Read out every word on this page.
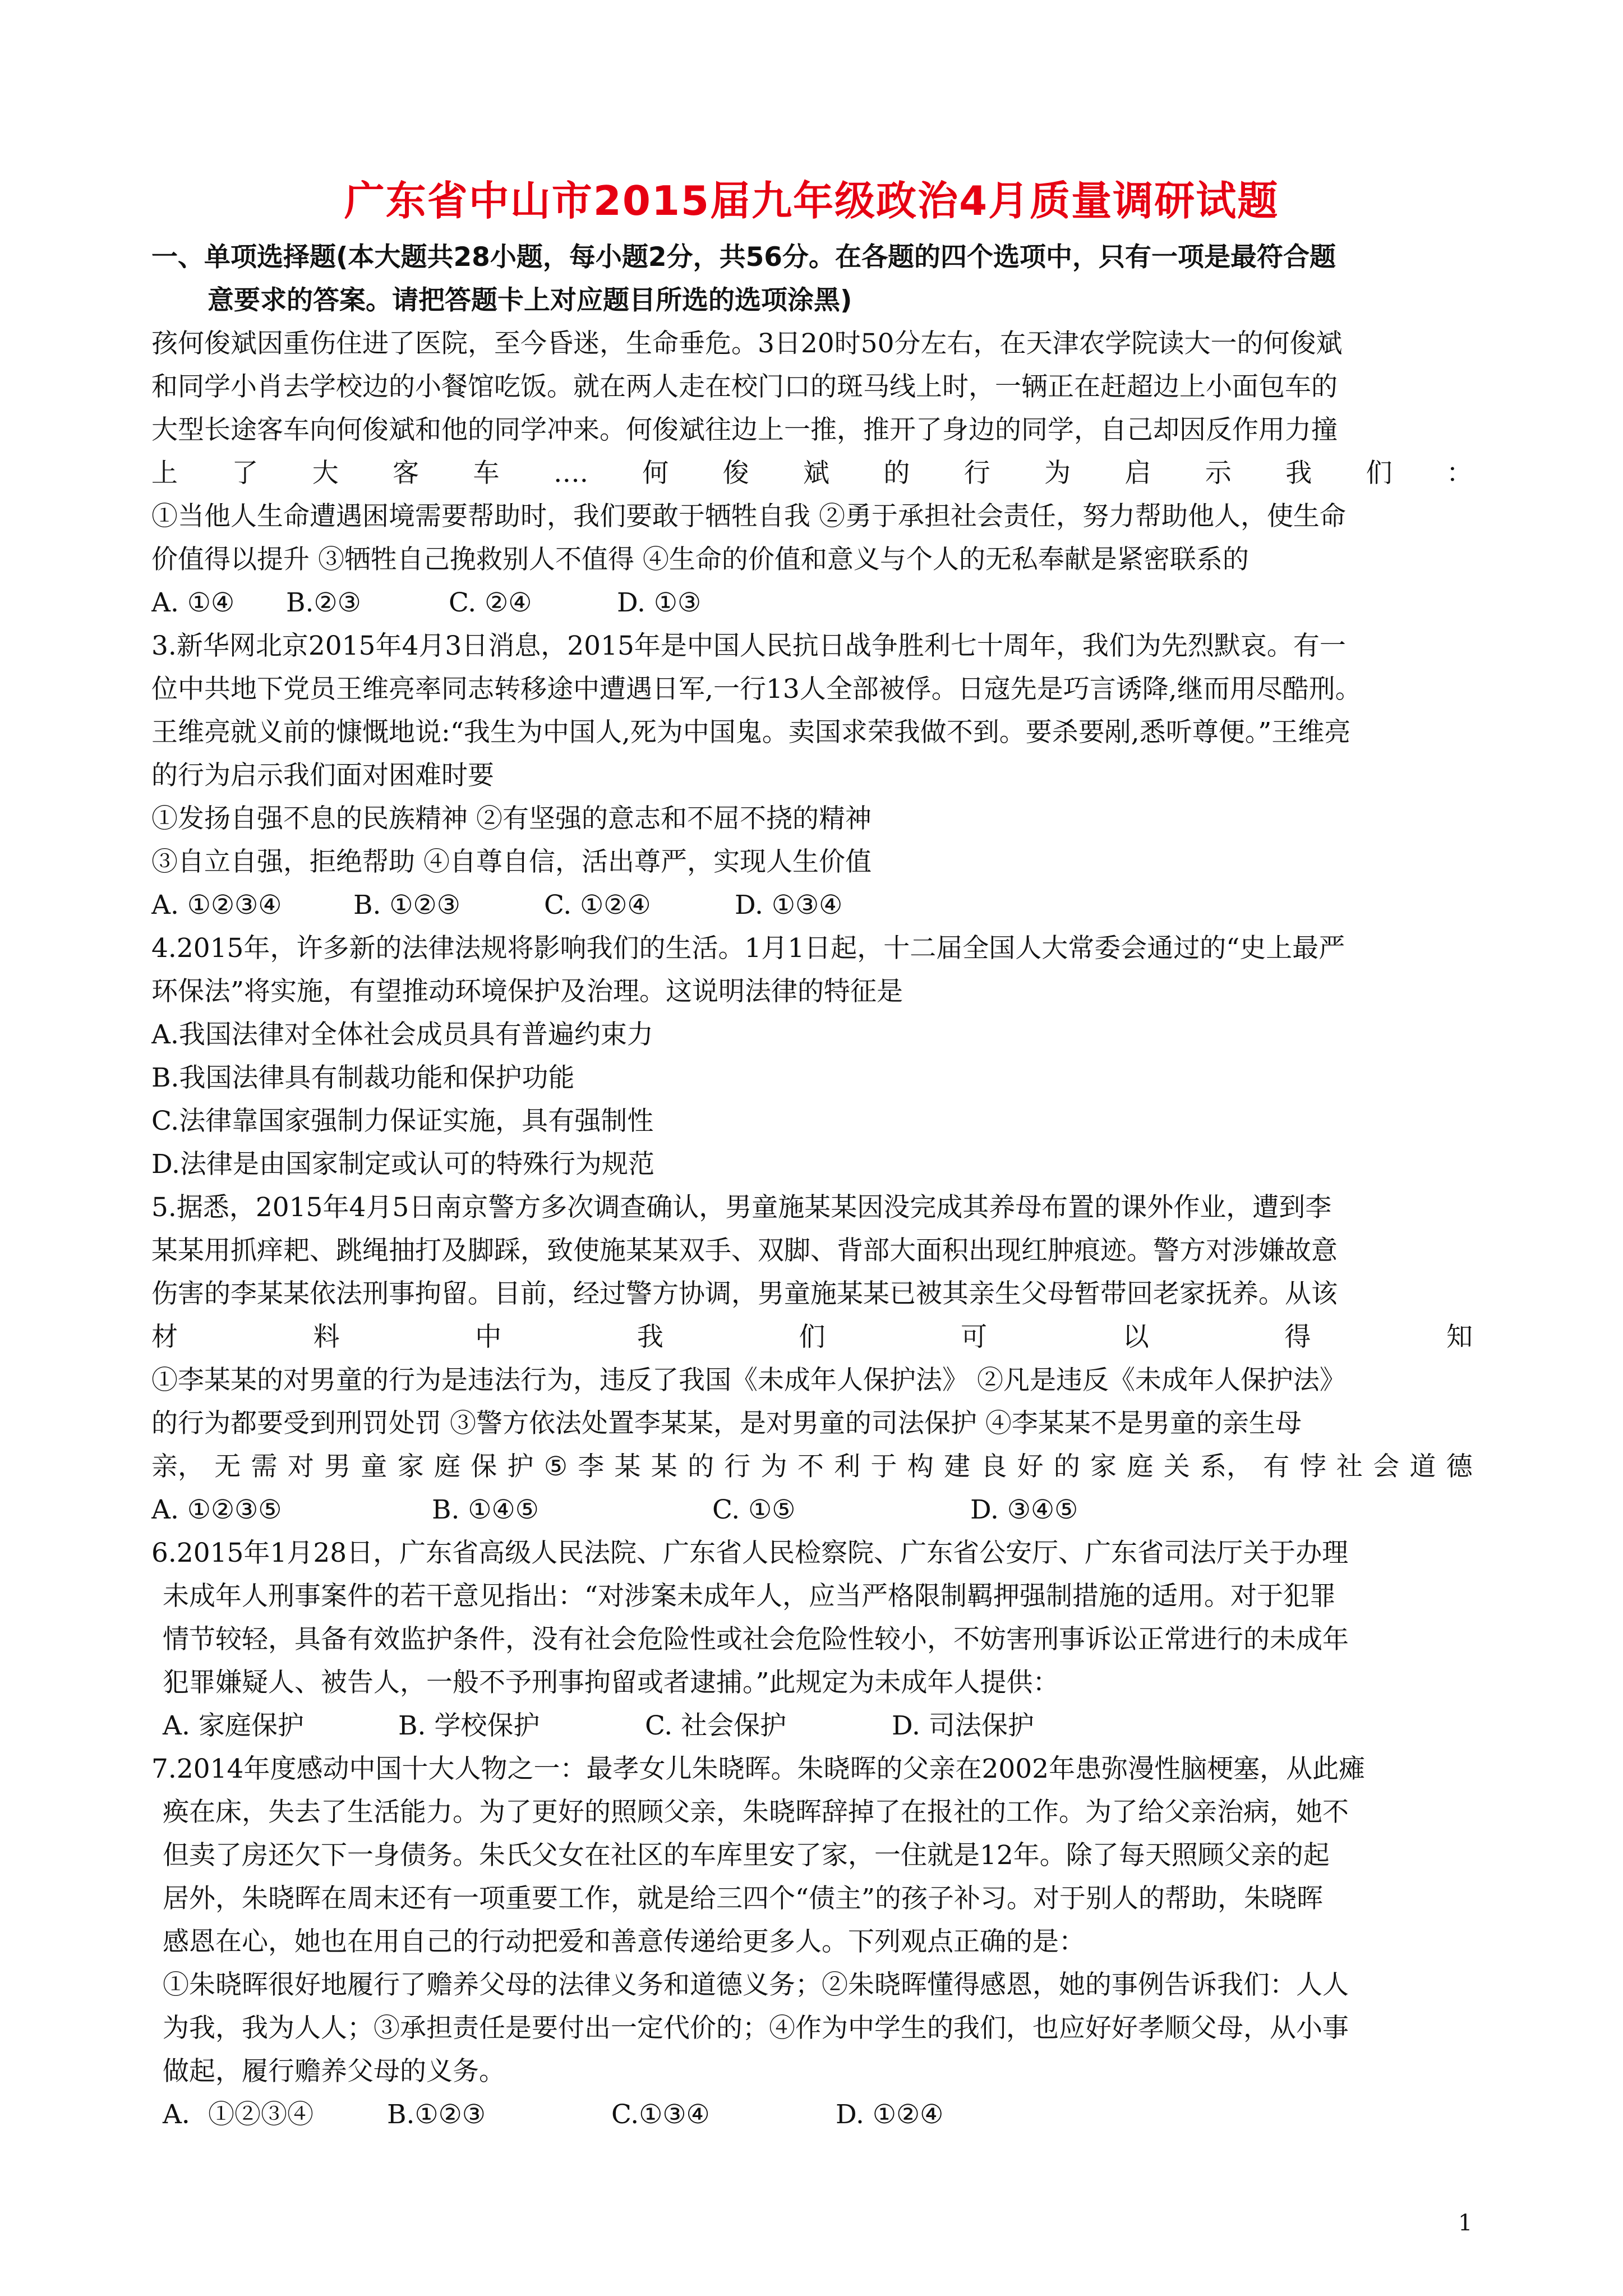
广东省中山市2015届九年级政治4月质量调研试题
一、单项选择题(本大题共28小题，每小题2分，共56分。在各题的四个选项中，只有一项是最符合题
意要求的答案。请把答题卡上对应题目所选的选项涂黑)
孩何俊斌因重伤住进了医院，至今昏迷，生命垂危。3日20时50分左右，在天津农学院读大一的何俊斌
和同学小肖去学校边的小餐馆吃饭。就在两人走在校门口的斑马线上时，一辆正在赶超边上小面包车的
大型长途客车向何俊斌和他的同学冲来。何俊斌往边上一推，推开了身边的同学，自己却因反作用力撞
上 了 大 客 车 …. 何 俊 斌 的 行 为 启 示 我 们 ：
①当他人生命遭遇困境需要帮助时，我们要敢于牺牲自我 ②勇于承担社会责任，努力帮助他人，使生命
价值得以提升 ③牺牲自己挽救别人不值得 ④生命的价值和意义与个人的无私奉献是紧密联系的
A. ①④	B.②③	C. ②④	D. ①③
3.新华网北京2015年4月3日消息，2015年是中国人民抗日战争胜利七十周年，我们为先烈默哀。有一
位中共地下党员王维亮率同志转移途中遭遇日军,一行13人全部被俘。日寇先是巧言诱降,继而用尽酷刑。
王维亮就义前的慷慨地说:“我生为中国人,死为中国鬼。卖国求荣我做不到。要杀要剐,悉听尊便。”王维亮
的行为启示我们面对困难时要
①发扬自强不息的民族精神 ②有坚强的意志和不屈不挠的精神
③自立自强，拒绝帮助 ④自尊自信，活出尊严，实现人生价值
A. ①②③④	B. ①②③	C. ①②④	D. ①③④
4.2015年，许多新的法律法规将影响我们的生活。1月1日起，十二届全国人大常委会通过的“史上最严
环保法”将实施，有望推动环境保护及治理。这说明法律的特征是
A.我国法律对全体社会成员具有普遍约束力
B.我国法律具有制裁功能和保护功能
C.法律靠国家强制力保证实施，具有强制性
D.法律是由国家制定或认可的特殊行为规范
5.据悉，2015年4月5日南京警方多次调查确认，男童施某某因没完成其养母布置的课外作业，遭到李
某某用抓痒耙、跳绳抽打及脚踩，致使施某某双手、双脚、背部大面积出现红肿痕迹。警方对涉嫌故意
伤害的李某某依法刑事拘留。目前，经过警方协调，男童施某某已被其亲生父母暂带回老家抚养。从该
材	料	中	我	们	可	以	得	知
①李某某的对男童的行为是违法行为，违反了我国《未成年人保护法》 ②凡是违反《未成年人保护法》
的行为都要受到刑罚处罚 ③警方依法处置李某某，是对男童的司法保护 ④李某某不是男童的亲生母
亲， 无 需 对 男 童 家 庭 保 护 ⑤ 李 某 某 的 行 为 不 利 于 构 建 良 好 的 家 庭 关 系， 有 悖 社 会 道 德
A. ①②③⑤	B. ①④⑤	C. ①⑤	D. ③④⑤
6.2015年1月28日，广东省高级人民法院、广东省人民检察院、广东省公安厅、广东省司法厅关于办理
未成年人刑事案件的若干意见指出：“对涉案未成年人，应当严格限制羁押强制措施的适用。对于犯罪
情节较轻，具备有效监护条件，没有社会危险性或社会危险性较小，不妨害刑事诉讼正常进行的未成年
犯罪嫌疑人、被告人，一般不予刑事拘留或者逮捕。”此规定为未成年人提供：
A. 家庭保护	B. 学校保护	C. 社会保护	D. 司法保护
7.2014年度感动中国十大人物之一：最孝女儿朱晓晖。朱晓晖的父亲在2002年患弥漫性脑梗塞，从此瘫
痪在床，失去了生活能力。为了更好的照顾父亲，朱晓晖辞掉了在报社的工作。为了给父亲治病，她不
但卖了房还欠下一身债务。朱氏父女在社区的车库里安了家，一住就是12年。除了每天照顾父亲的起
居外，朱晓晖在周末还有一项重要工作，就是给三四个“债主”的孩子补习。对于别人的帮助，朱晓晖
感恩在心，她也在用自己的行动把爱和善意传递给更多人。下列观点正确的是：
①朱晓晖很好地履行了赡养父母的法律义务和道德义务；②朱晓晖懂得感恩，她的事例告诉我们：人人
为我，我为人人；③承担责任是要付出一定代价的；④作为中学生的我们，也应好好孝顺父母，从小事
做起，履行赡养父母的义务。
A．①②③④	B.①②③	C.①③④	D. ①②④
1
